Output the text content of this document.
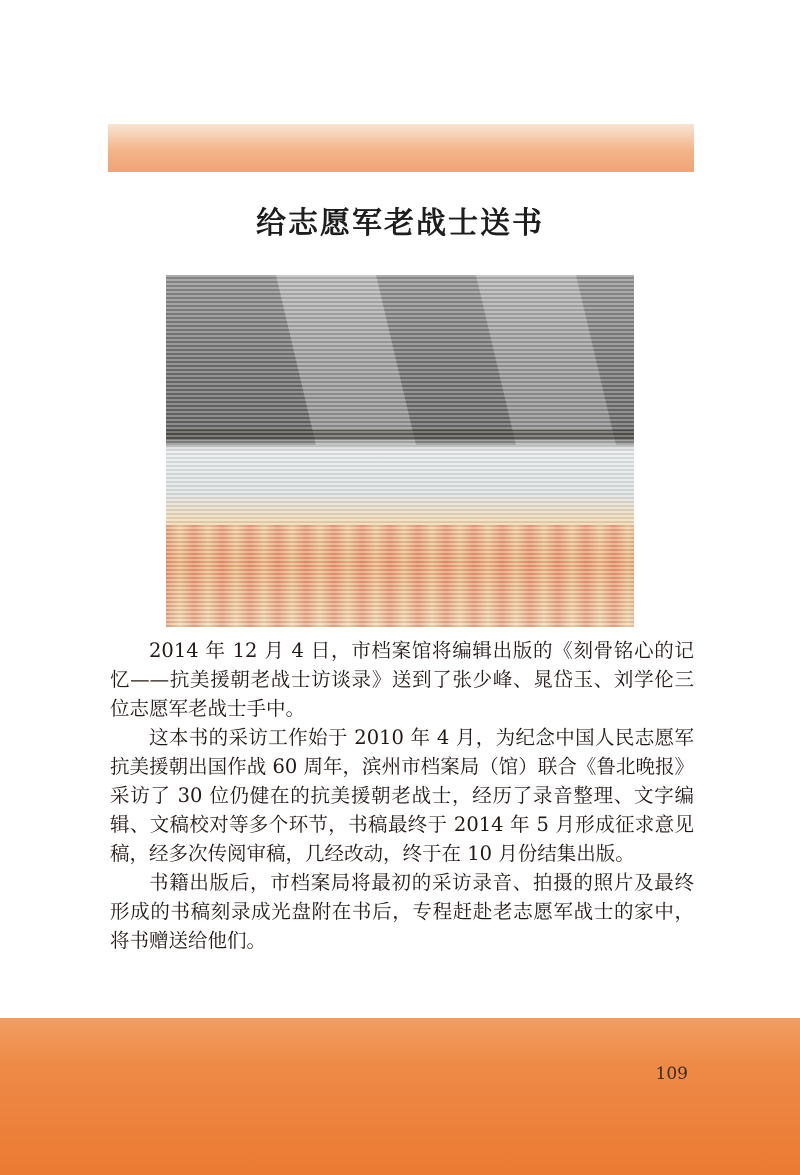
给志愿军老战士送书

2014 年 12 月 4 日，市档案馆将编辑出版的《刻骨铭心的记忆——抗美援朝老战士访谈录》送到了张少峰、晁岱玉、刘学伦三位志愿军老战士手中。

这本书的采访工作始于 2010 年 4 月，为纪念中国人民志愿军抗美援朝出国作战 60 周年，滨州市档案局（馆）联合《鲁北晚报》采访了 30 位仍健在的抗美援朝老战士，经历了录音整理、文字编辑、文稿校对等多个环节，书稿最终于 2014 年 5 月形成征求意见稿，经多次传阅审稿，几经改动，终于在 10 月份结集出版。

书籍出版后，市档案局将最初的采访录音、拍摄的照片及最终形成的书稿刻录成光盘附在书后，专程赶赴老志愿军战士的家中，将书赠送给他们。

109
